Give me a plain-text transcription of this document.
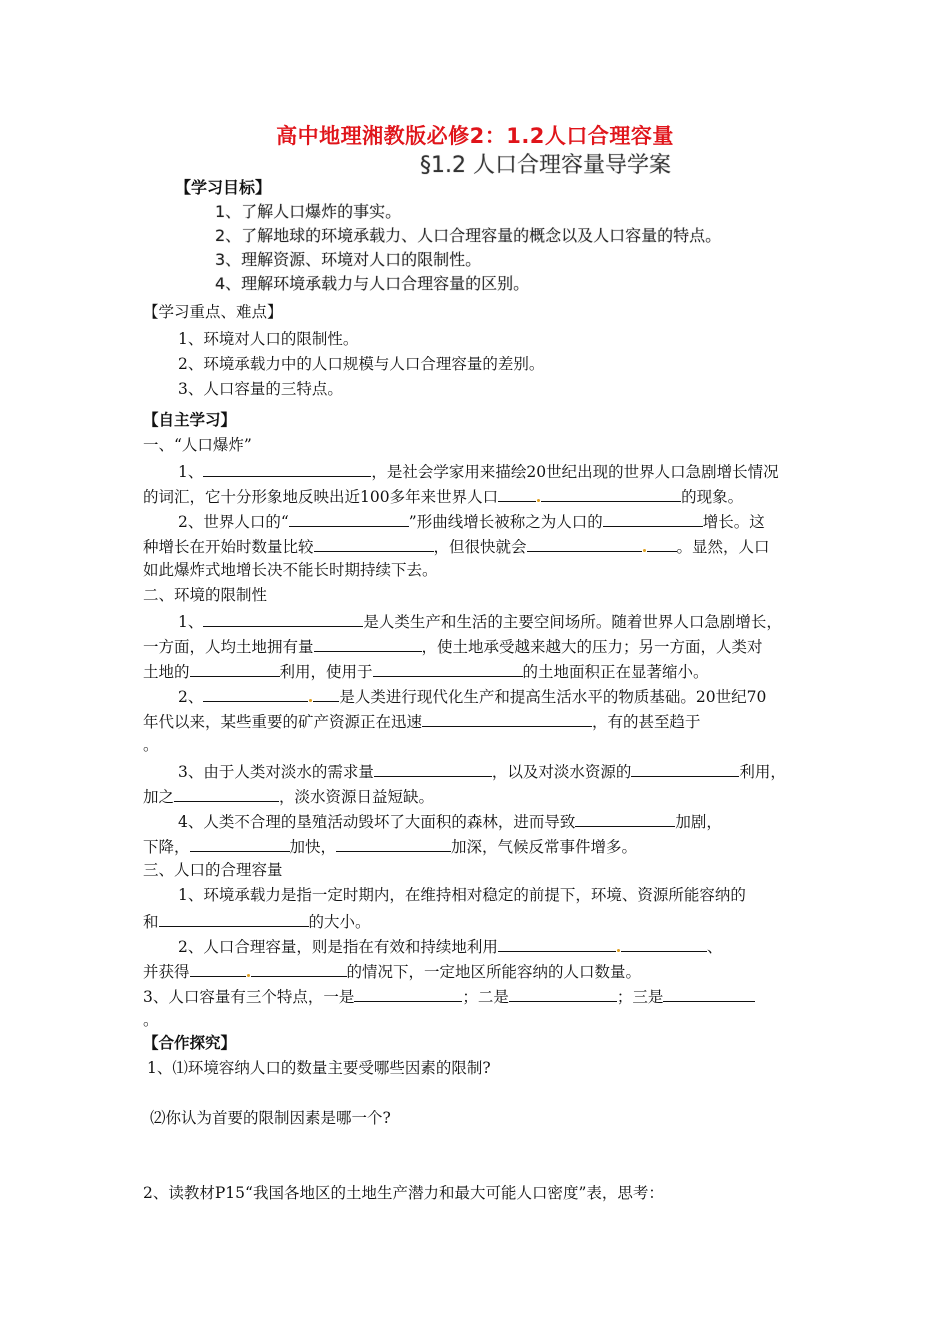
高中地理湘教版必修2：1.2人口合理容量
§1.2 人口合理容量导学案
【学习目标】
1、了解人口爆炸的事实。
2、了解地球的环境承载力、人口合理容量的概念以及人口容量的特点。
3、理解资源、环境对人口的限制性。
4、理解环境承载力与人口合理容量的区别。
【学习重点、难点】
1、环境对人口的限制性。
2、环境承载力中的人口规模与人口合理容量的差别。
3、人口容量的三特点。
【自主学习】
一、“人口爆炸”
1、	，是社会学家用来描绘20世纪出现的世界人口急剧增长情况
的词汇，它十分形象地反映出近100多年来世界人口	的现象。
2、世界人口的“	”形曲线增长被称之为人口的	增长。这
种增长在开始时数量比较	，但很快就会	。显然，人口
如此爆炸式地增长决不能长时期持续下去。
二、环境的限制性
1、	是人类生产和生活的主要空间场所。随着世界人口急剧增长，
一方面，人均土地拥有量	，使土地承受越来越大的压力；另一方面，人类对
土地的	利用，使用于	的土地面积正在显著缩小。
2、	是人类进行现代化生产和提高生活水平的物质基础。20世纪70
年代以来，某些重要的矿产资源正在迅速	，有的甚至趋于
。
3、由于人类对淡水的需求量	，以及对淡水资源的	利用，
加之	，淡水资源日益短缺。
4、人类不合理的垦殖活动毁坏了大面积的森林，进而导致	加剧，
下降，	加快，	加深，气候反常事件增多。
三、人口的合理容量
1、环境承载力是指一定时期内，在维持相对稳定的前提下，环境、资源所能容纳的
和	的大小。
2、人口合理容量，则是指在有效和持续地利用	、
并获得	的情况下，一定地区所能容纳的人口数量。
3、人口容量有三个特点，一是	；二是	；三是
。
【合作探究】
1、⑴环境容纳人口的数量主要受哪些因素的限制?
⑵你认为首要的限制因素是哪一个?
2、读教材P15“我国各地区的土地生产潜力和最大可能人口密度”表，思考：
